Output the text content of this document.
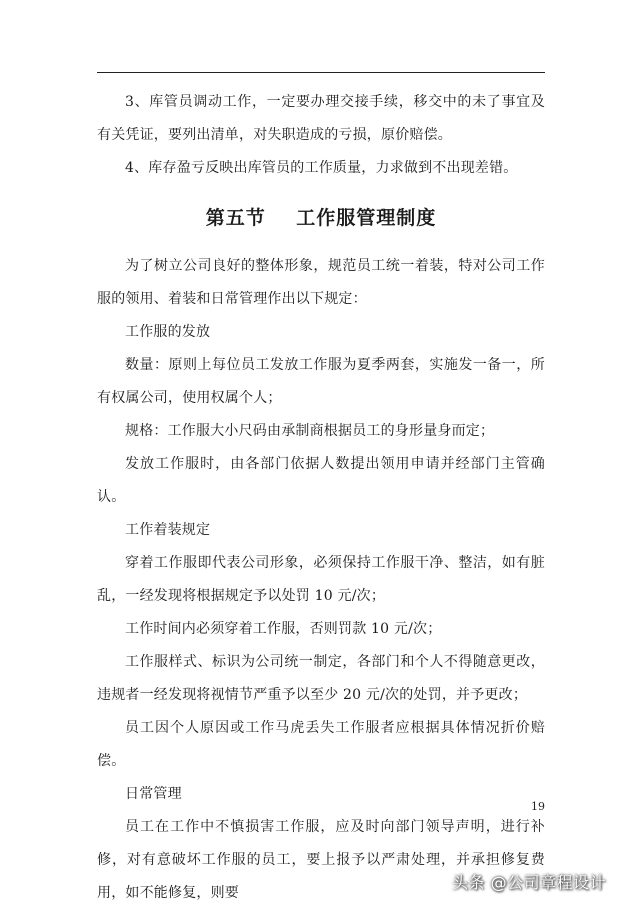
3、库管员调动工作，一定要办理交接手续，移交中的未了事宜及有关凭证，要列出清单，对失职造成的亏损，原价赔偿。

4、库存盈亏反映出库管员的工作质量，力求做到不出现差错。

第五节    工作服管理制度

为了树立公司良好的整体形象，规范员工统一着装，特对公司工作服的领用、着装和日常管理作出以下规定：

工作服的发放

数量：原则上每位员工发放工作服为夏季两套，实施发一备一，所有权属公司，使用权属个人；

规格：工作服大小尺码由承制商根据员工的身形量身而定；

发放工作服时，由各部门依据人数提出领用申请并经部门主管确认。

工作着装规定

穿着工作服即代表公司形象，必须保持工作服干净、整洁，如有脏乱，一经发现将根据规定予以处罚 10 元/次；

工作时间内必须穿着工作服，否则罚款 10 元/次；

工作服样式、标识为公司统一制定，各部门和个人不得随意更改，违规者一经发现将视情节严重予以至少 20 元/次的处罚，并予更改；

员工因个人原因或工作马虎丢失工作服者应根据具体情况折价赔偿。

日常管理

员工在工作中不慎损害工作服，应及时向部门领导声明，进行补修，对有意破坏工作服的员工，要上报予以严肃处理，并承担修复费用，如不能修复，则要

19
头条 @公司章程设计
